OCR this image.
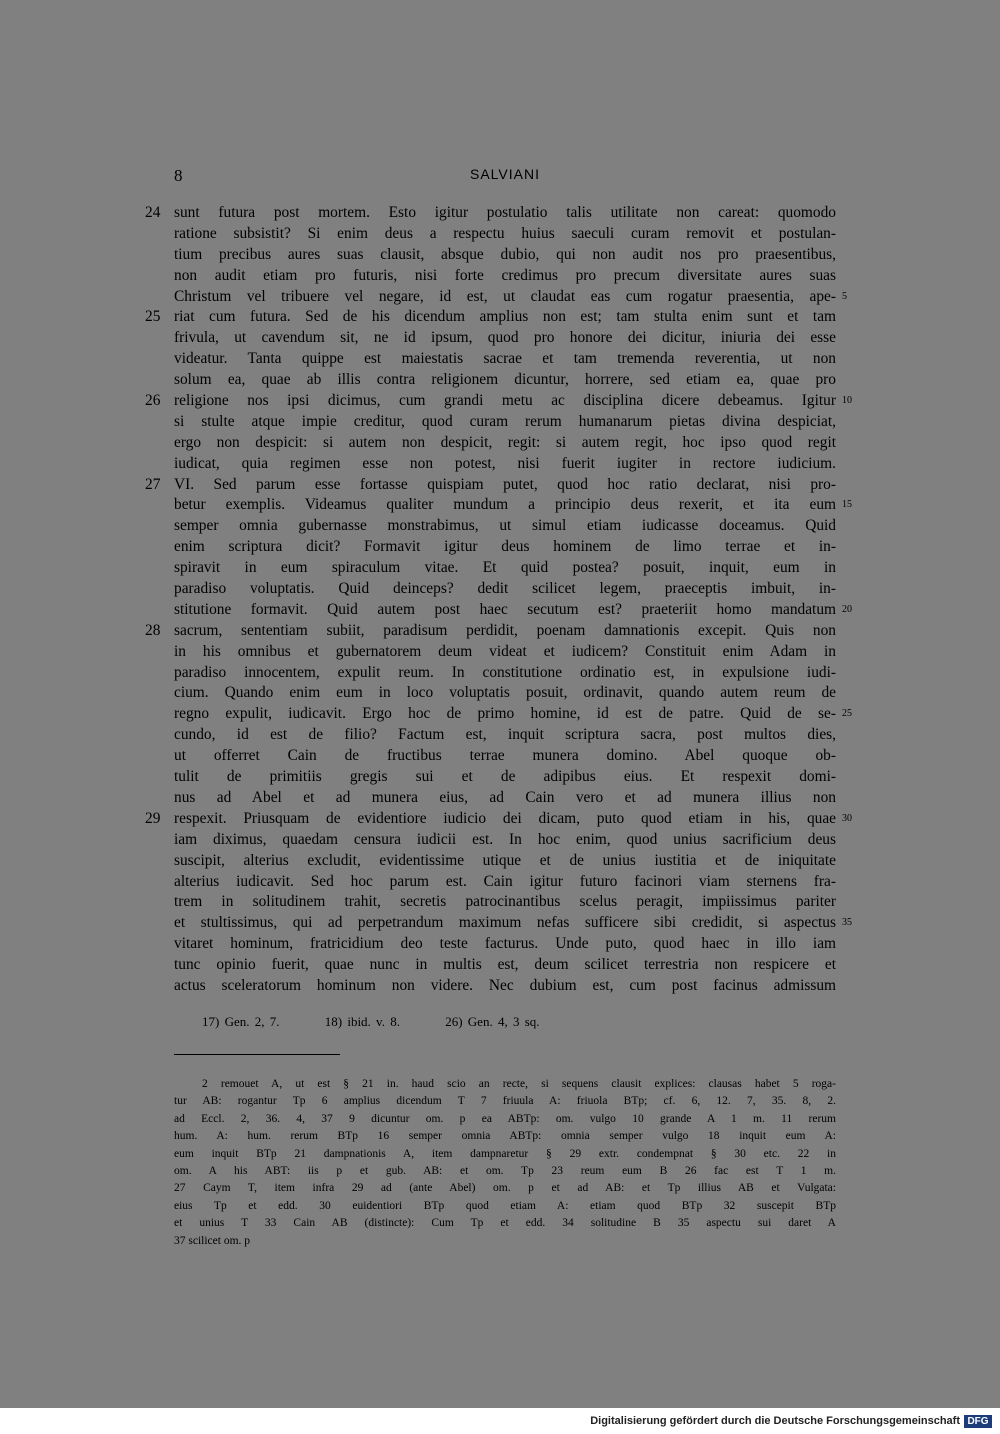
8	SALVIANI
24 sunt futura post mortem. Esto igitur postulatio talis utilitate non careat: quomodo
ratione subsistit? Si enim deus a respectu huius saeculi curam removit et postulan-
tium precibus aures suas clausit, absque dubio, qui non audit nos pro praesentibus,
non audit etiam pro futuris, nisi forte credimus pro precum diversitate aures suas
Christum vel tribuere vel negare, id est, ut claudat eas cum rogatur praesentia, ape- 5
25 riat cum futura. Sed de his dicendum amplius non est; tam stulta enim sunt et tam
frivula, ut cavendum sit, ne id ipsum, quod pro honore dei dicitur, iniuria dei esse
videatur. Tanta quippe est maiestatis sacrae et tam tremenda reverentia, ut non
solum ea, quae ab illis contra religionem dicuntur, horrere, sed etiam ea, quae pro
26 religione nos ipsi dicimus, cum grandi metu ac disciplina dicere debeamus. Igitur 10
si stulte atque impie creditur, quod curam rerum humanarum pietas divina despiciat,
ergo non despicit: si autem non despicit, regit: si autem regit, hoc ipso quod regit
iudicat, quia regimen esse non potest, nisi fuerit iugiter in rectore iudicium.
27 VI. Sed parum esse fortasse quispiam putet, quod hoc ratio declarat, nisi pro-
betur exemplis. Videamus qualiter mundum a principio deus rexerit, et ita eum 15
semper omnia gubernasse monstrabimus, ut simul etiam iudicasse doceamus. Quid
enim scriptura dicit? Formavit igitur deus hominem de limo terrae et in-
spiravit in eum spiraculum vitae. Et quid postea? posuit, inquit, eum in
paradiso voluptatis. Quid deinceps? dedit scilicet legem, praeceptis imbuit, in-
stitutione formavit. Quid autem post haec secutum est? praeteriit homo mandatum 20
28 sacrum, sententiam subiit, paradisum perdidit, poenam damnationis excepit. Quis non
in his omnibus et gubernatorem deum videat et iudicem? Constituit enim Adam in
paradiso innocentem, expulit reum. In constitutione ordinatio est, in expulsione iudi-
cium. Quando enim eum in loco voluptatis posuit, ordinavit, quando autem reum de
regno expulit, iudicavit. Ergo hoc de primo homine, id est de patre. Quid de se- 25
cundo, id est de filio? Factum est, inquit scriptura sacra, post multos dies,
ut offerret Cain de fructibus terrae munera domino. Abel quoque ob-
tulit de primitiis gregis sui et de adipibus eius. Et respexit domi-
nus ad Abel et ad munera eius, ad Cain vero et ad munera illius non
29 respexit. Priusquam de evidentiore iudicio dei dicam, puto quod etiam in his, quae 30
iam diximus, quaedam censura iudicii est. In hoc enim, quod unius sacrificium deus
suscipit, alterius excludit, evidentissime utique et de unius iustitia et de iniquitate
alterius iudicavit. Sed hoc parum est. Cain igitur futuro facinori viam sternens fra-
trem in solitudinem trahit, secretis patrocinantibus scelus peragit, impiissimus pariter
et stultissimus, qui ad perpetrandum maximum nefas sufficere sibi credidit, si aspectus 35
vitaret hominum, fratricidium deo teste facturus. Unde puto, quod haec in illo iam
tunc opinio fuerit, quae nunc in multis est, deum scilicet terrestria non respicere et
actus sceleratorum hominum non videre. Nec dubium est, cum post facinus admissum
17) Gen. 2, 7.	18) ibid. v. 8.	26) Gen. 4, 3 sq.
2 remouet A, ut est § 21 in. haud scio an recte, si sequens clausit explices: clausas habet 5 roga-
tur AB: rogantur Tp 6 amplius dicendum T 7 friuula A: friuola BTp; cf. 6, 12. 7, 35. 8, 2.
ad Eccl. 2, 36. 4, 37 9 dicuntur om. p ea ABTp: om. vulgo 10 grande A 1 m. 11 rerum
hum. A: hum. rerum BTp 16 semper omnia ABTp: omnia semper vulgo 18 inquit eum A:
eum inquit BTp 21 dampnationis A, item dampnaretur § 29 extr. condempnat § 30 etc. 22 in
om. A his ABT: iis p et gub. AB: et om. Tp 23 reum eum B 26 fac est T 1 m.
27 Caym T, item infra 29 ad (ante Abel) om. p et ad AB: et Tp illius AB et Vulgata:
eius Tp et edd. 30 euidentiori BTp quod etiam A: etiam quod BTp 32 suscepit BTp
et unius T 33 Cain AB (distincte): Cum Tp et edd. 34 solitudine B 35 aspectu sui daret A
37 scilicet om. p
Digitalisierung gefördert durch die Deutsche Forschungsgemeinschaft DFG
